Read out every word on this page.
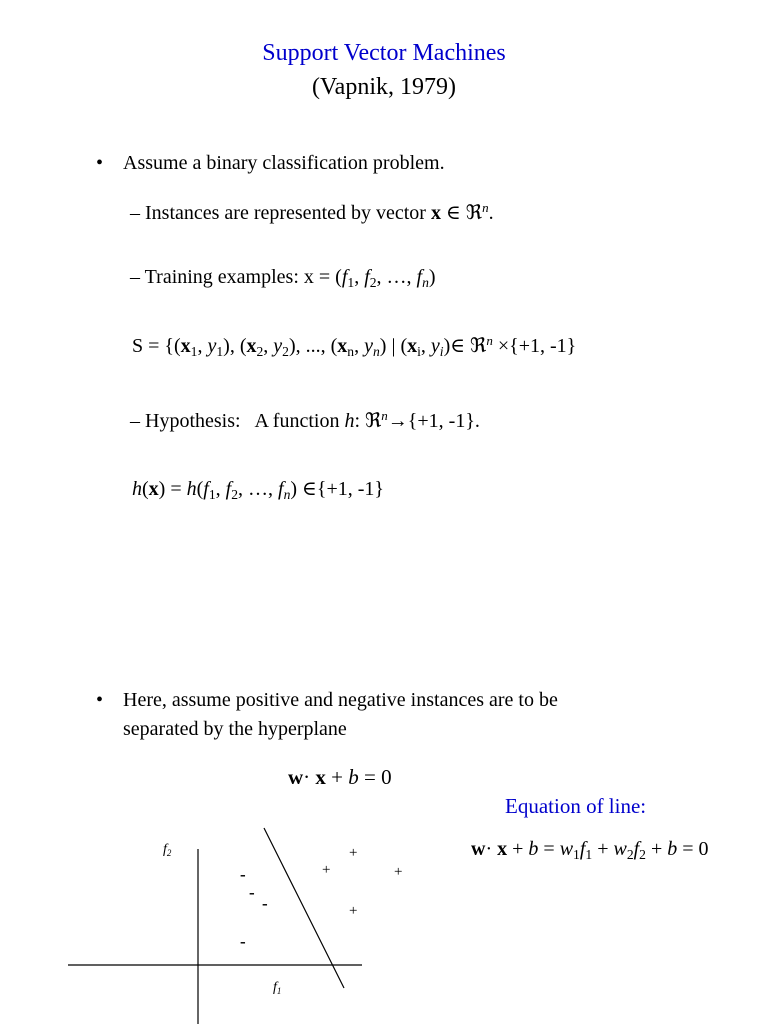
Support Vector Machines
(Vapnik, 1979)
• Assume a binary classification problem.
– Instances are represented by vector x ∈ ℜ$^n$.
– Training examples: $x = (f_1$, $f_2$, …, $f_n$)
$S = \{(x_1$, $y_1$), ($x_2$, $y_2$), ..., ($x_n$, $y_n$) | ($x_i$, $y_i)\in$ ℜ$^n$ ×{+1, -1}
– Hypothesis:   A function h: ℜ$^n$→{+1, -1}.
$h(x) = h(f_1$, $f_2$, …, $f_n$) ∈{+1, -1}
• Here, assume positive and negative instances are to be
separated by the hyperplane
w· x + b = 0
Equation of line:
$w\cdot x + b = w_1f_1 + w_2f_2 + b = 0$
$f_2$
$f_1$
+
+	+
+
-
-
-
-
